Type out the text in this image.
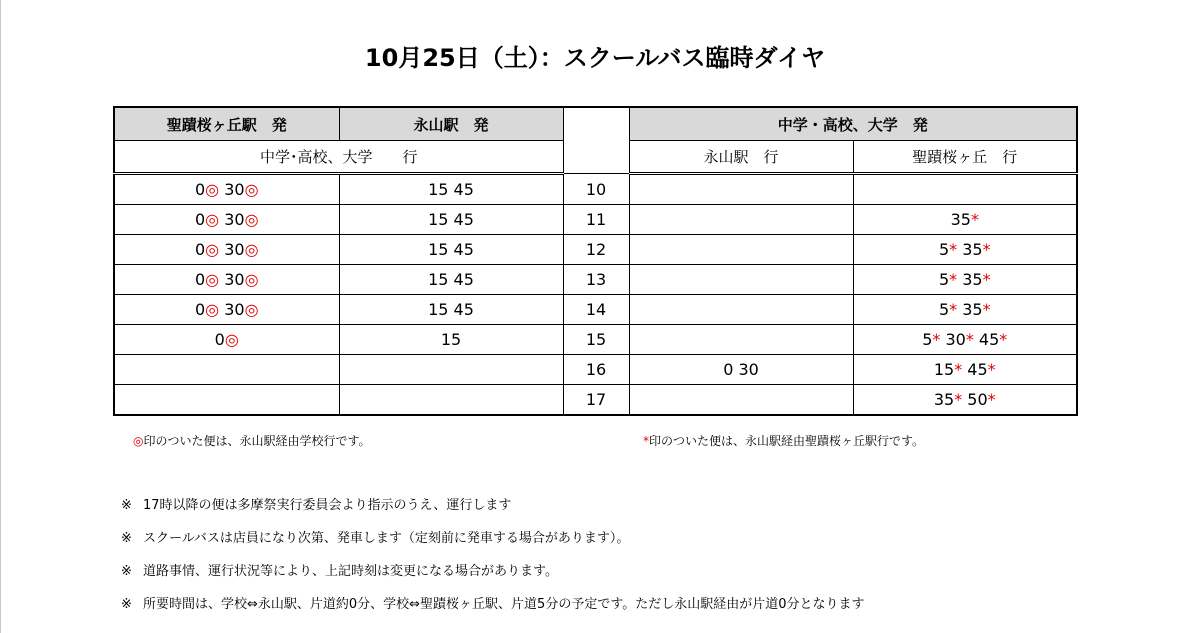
10月25日（土）：スクールバス臨時ダイヤ
聖蹟桜ヶ丘駅　発	永山駅　発		中学・高校、大学　発	
中学･高校、大学　　行			永山駅　行	聖蹟桜ヶ丘　行
0◎ 30◎	15 45	10		
0◎ 30◎	15 45	11		35*
0◎ 30◎	15 45	12		5* 35*
0◎ 30◎	15 45	13		5* 35*
0◎ 30◎	15 45	14		5* 35*
0◎	15	15		5* 30* 45*
		16	0 30	15* 45*
		17		35* 50*
◎印のついた便は、永山駅経由学校行です。	*印のついた便は、永山駅経由聖蹟桜ヶ丘駅行です。
※ 17時以降の便は多摩祭実行委員会より指示のうえ、運行します
※ スクールバスは店員になり次第、発車します（定刻前に発車する場合があります）。
※ 道路事情、運行状況等により、上記時刻は変更になる場合があります。
※ 所要時間は、学校⇔永山駅、片道約0分、学校⇔聖蹟桜ヶ丘駅、片道5分の予定です。ただし永山駅経由が片道0分となります
